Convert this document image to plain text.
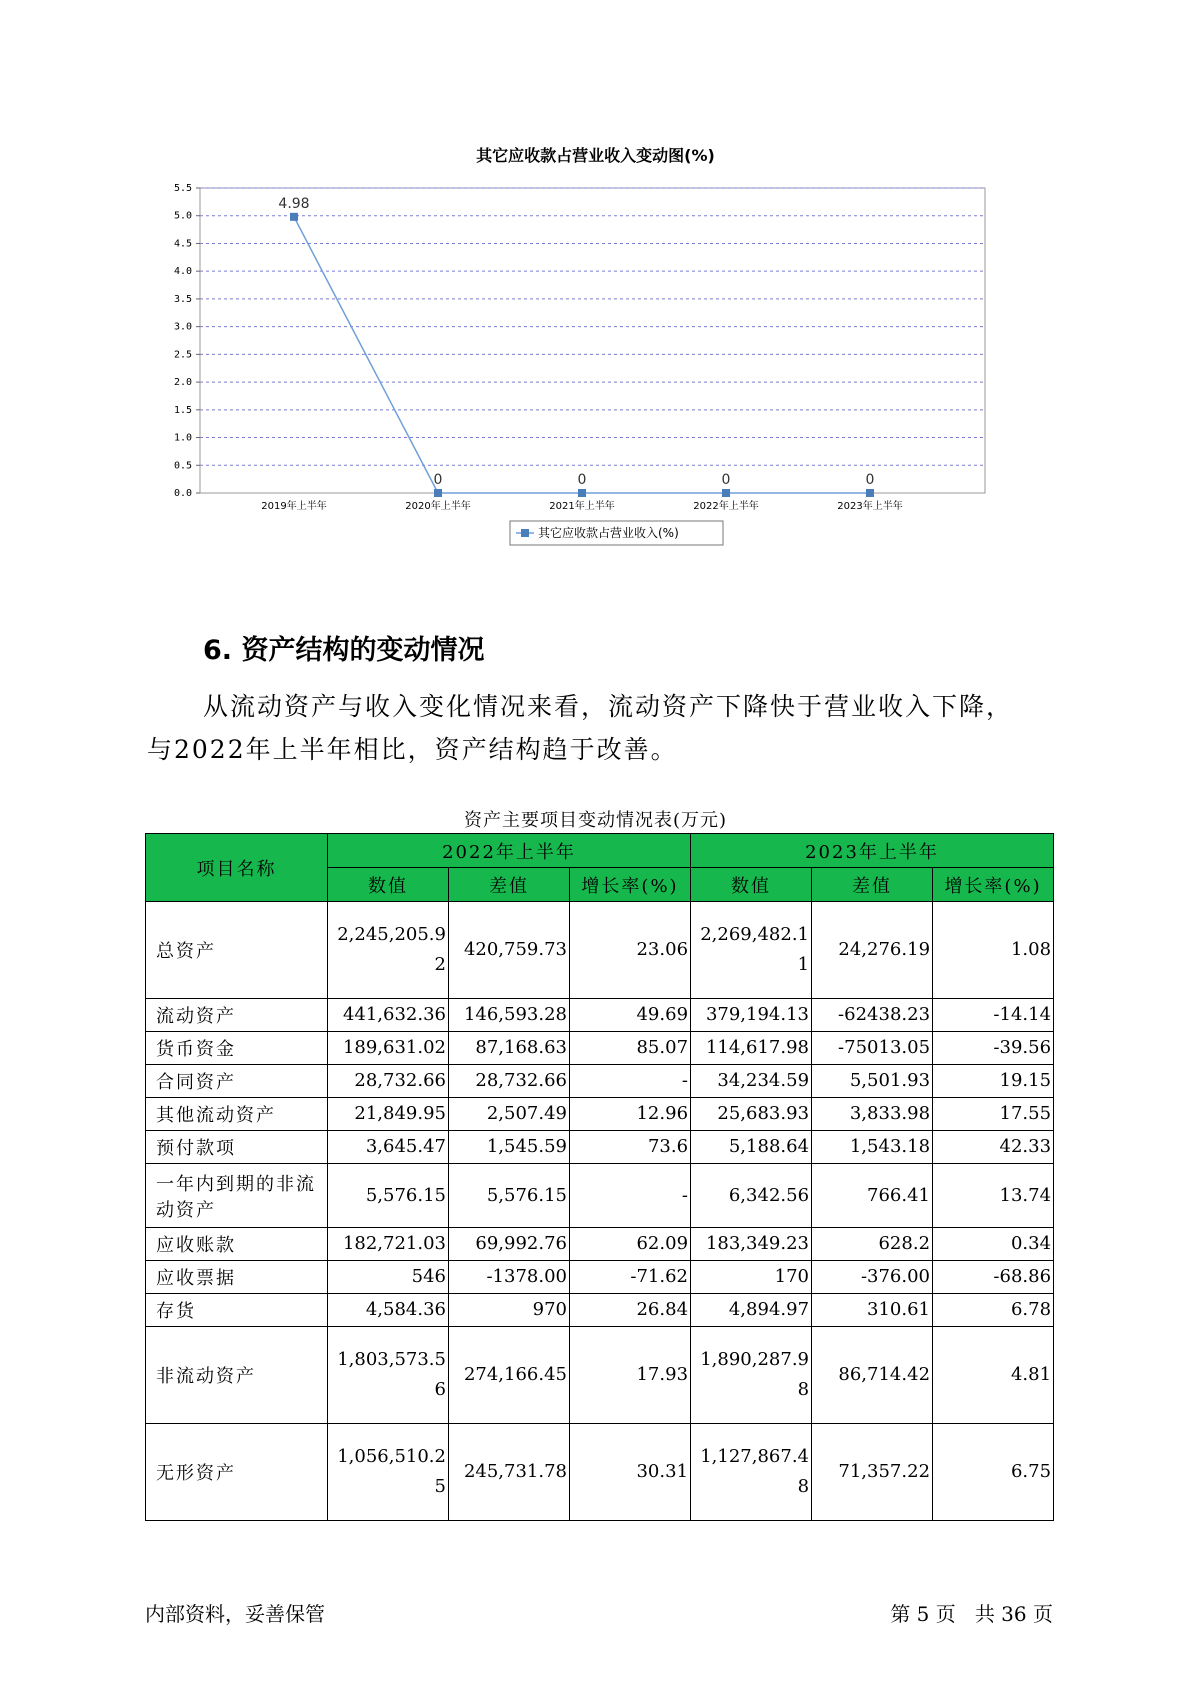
其它应收款占营业收入变动图(%)
0.0
0.5
1.0
1.5
2.0
2.5
3.0
3.5
4.0
4.5
5.0
5.5
2019年上半年	2020年上半年	2021年上半年	2022年上半年	2023年上半年
4.98
0	0	0	0
其它应收款占营业收入(%)
6. 资产结构的变动情况
从流动资产与收入变化情况来看，流动资产下降快于营业收入下降，
与2022年上半年相比，资产结构趋于改善。
资产主要项目变动情况表(万元)
项目名称	2022年上半年			2023年上半年		
	数值	差值	增长率(%)	数值	差值	增长率(%)
总资产	2,245,205.92	420,759.73	23.06	2,269,482.11	24,276.19	1.08
流动资产	441,632.36	146,593.28	49.69	379,194.13	-62438.23	-14.14
货币资金	189,631.02	87,168.63	85.07	114,617.98	-75013.05	-39.56
合同资产	28,732.66	28,732.66	-	34,234.59	5,501.93	19.15
其他流动资产	21,849.95	2,507.49	12.96	25,683.93	3,833.98	17.55
预付款项	3,645.47	1,545.59	73.6	5,188.64	1,543.18	42.33
一年内到期的非流动资产	5,576.15	5,576.15	-	6,342.56	766.41	13.74
应收账款	182,721.03	69,992.76	62.09	183,349.23	628.2	0.34
应收票据	546	-1378.00	-71.62	170	-376.00	-68.86
存货	4,584.36	970	26.84	4,894.97	310.61	6.78
非流动资产	1,803,573.56	274,166.45	17.93	1,890,287.98	86,714.42	4.81
无形资产	1,056,510.25	245,731.78	30.31	1,127,867.48	71,357.22	6.75
内部资料，妥善保管	第 5 页   共 36 页
